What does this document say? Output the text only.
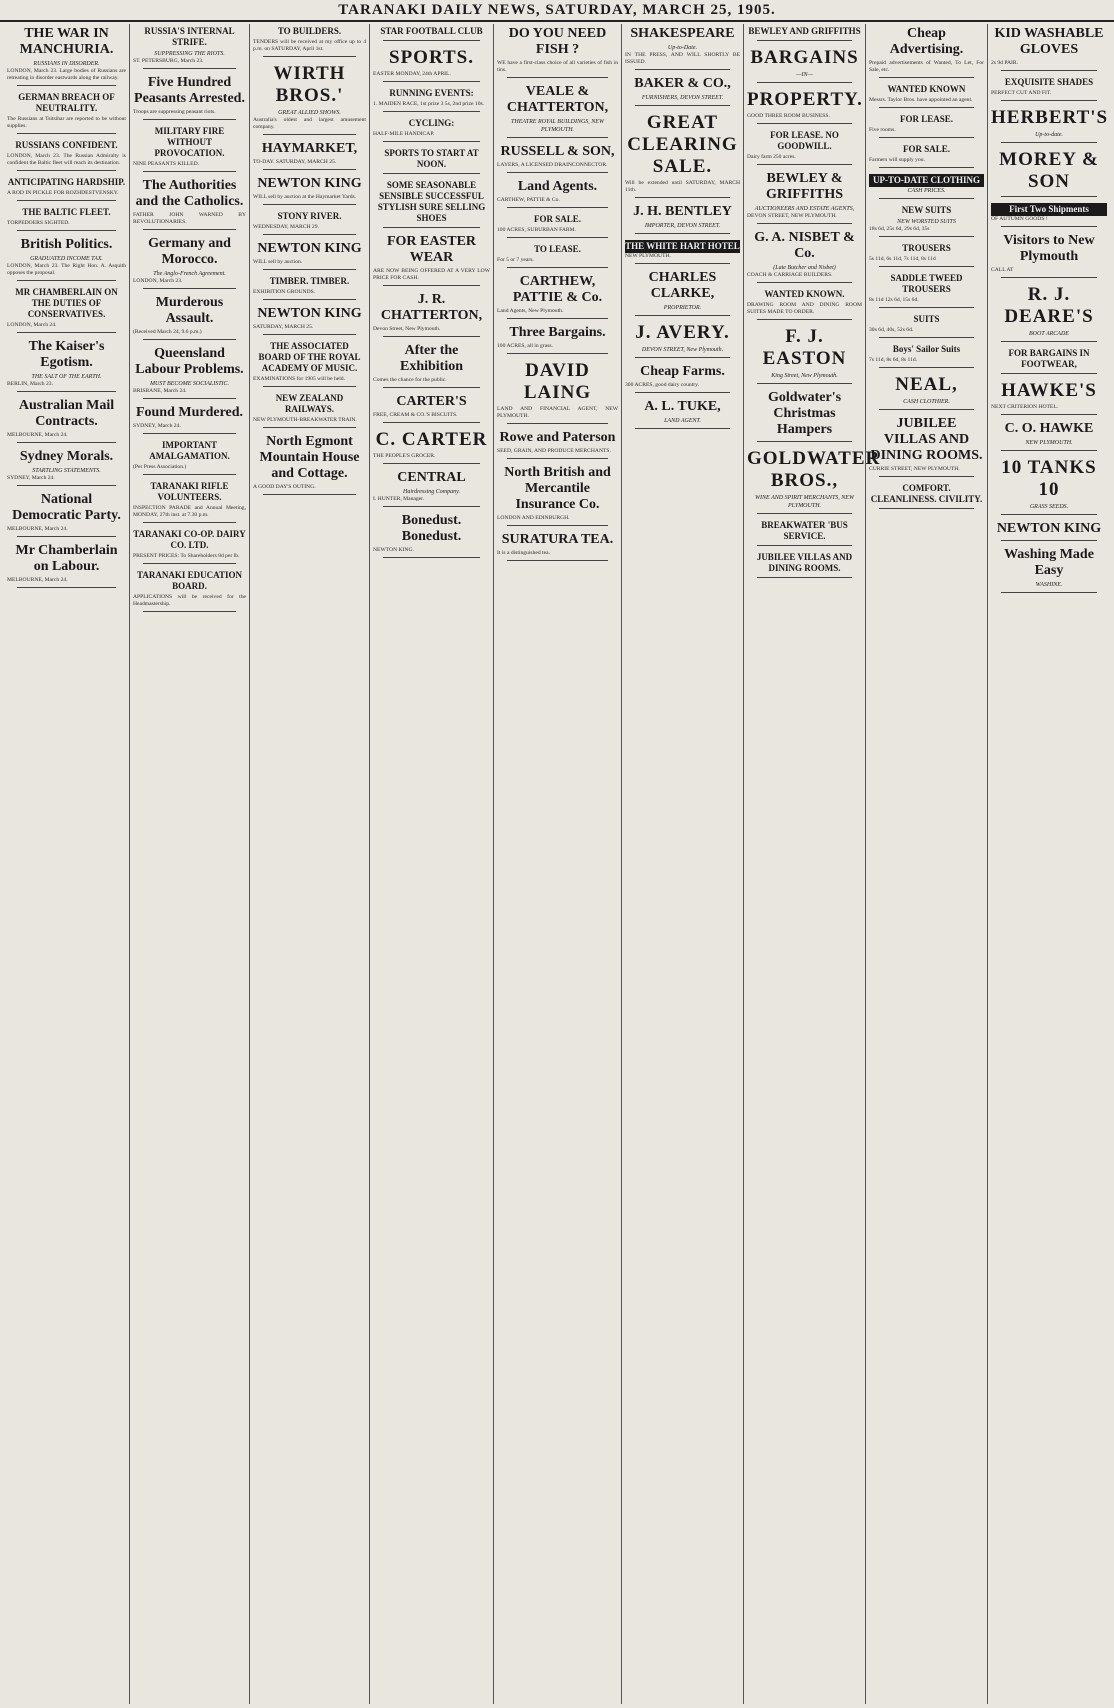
TARANAKI DAILY NEWS, SATURDAY, MARCH 25, 1905.
THE WAR IN MANCHURIA.
RUSSIANS IN DISORDER.
LONDON, March 23. Large bodies of Russians are retreating in disorder eastwards along the railway.
GERMAN BREACH OF NEUTRALITY.
The Russians at Tsitsihar are reported to be without supplies.
RUSSIANS CONFIDENT.
LONDON, March 23. The Russian Admiralty is confident the Baltic fleet will reach its destination.
ANTICIPATING HARDSHIP.
A ROD IN PICKLE FOR ROZHDESTVENSKY.
THE BALTIC FLEET.
TORPEDOERS SIGHTED.
British Politics.
GRADUATED INCOME TAX.
LONDON, March 23. The Right Hon. A. Asquith opposes the proposal.
MR CHAMBERLAIN ON THE DUTIES OF CONSERVATIVES.
LONDON, March 24.
The Kaiser's Egotism.
THE SALT OF THE EARTH.
BERLIN, March 23.
Australian Mail Contracts.
MELBOURNE, March 24.
Sydney Morals.
STARTLING STATEMENTS.
SYDNEY, March 24.
National Democratic Party.
MELBOURNE, March 24.
Mr Chamberlain on Labour.
MELBOURNE, March 24.
RUSSIA'S INTERNAL STRIFE.
SUPPRESSING THE RIOTS.
ST. PETERSBURG, March 23.
Five Hundred Peasants Arrested.
Troops are suppressing peasant riots.
MILITARY FIRE WITHOUT PROVOCATION.
NINE PEASANTS KILLED.
The Authorities and the Catholics.
FATHER JOHN WARNED BY REVOLUTIONARIES.
Germany and Morocco.
The Anglo-French Agreement.
LONDON, March 23.
Murderous Assault.
(Received March 24, 9.6 p.m.)
Queensland Labour Problems.
MUST BECOME SOCIALISTIC.
BRISBANE, March 24.
Found Murdered.
SYDNEY, March 24.
IMPORTANT AMALGAMATION.
(Per Press Association.)
TARANAKI RIFLE VOLUNTEERS.
INSPECTION PARADE and Annual Meeting, MONDAY, 27th inst. at 7.30 p.m.
TARANAKI CO-OP. DAIRY CO. LTD.
PRESENT PRICES: To Shareholders 8d per lb.
TARANAKI EDUCATION BOARD.
APPLICATIONS will be received for the Headmastership.
TO BUILDERS.
TENDERS will be received at my office up to 4 p.m. on SATURDAY, April 1st.
WIRTH BROS.'
GREAT ALLIED SHOWS.
Australia's oldest and largest amusement company.
HAYMARKET,
TO-DAY. SATURDAY, MARCH 25.
NEWTON KING
WILL sell by auction at the Haymarket Yards.
STONY RIVER.
WEDNESDAY, MARCH 29.
NEWTON KING
WILL sell by auction.
TIMBER. TIMBER.
EXHIBITION GROUNDS.
NEWTON KING
SATURDAY, MARCH 25.
THE ASSOCIATED BOARD OF THE ROYAL ACADEMY OF MUSIC.
EXAMINATIONS for 1905 will be held.
NEW ZEALAND RAILWAYS.
NEW PLYMOUTH-BREAKWATER TRAIN.
North Egmont Mountain House and Cottage.
A GOOD DAY'S OUTING.
STAR FOOTBALL CLUB
SPORTS.
EASTER MONDAY, 24th APRIL.
RUNNING EVENTS:
1. MAIDEN RACE, 1st prize 3 5s, 2nd prize 10s.
CYCLING:
HALF-MILE HANDICAP.
SPORTS TO START AT NOON.
SOME SEASONABLE SENSIBLE SUCCESSFUL STYLISH SURE SELLING SHOES
FOR EASTER WEAR
ARE NOW BEING OFFERED AT A VERY LOW PRICE FOR CASH.
J. R. CHATTERTON,
Devon Street, New Plymouth.
After the Exhibition
Comes the chance for the public.
CARTER'S
FREE, CREAM & CO.'S BISCUITS.
C. CARTER
THE PEOPLE'S GROCER.
CENTRAL
Hairdressing Company.
I. HUNTER, Manager.
Bonedust. Bonedust.
NEWTON KING.
DO YOU NEED FISH ?
WE have a first-class choice of all varieties of fish in tins.
VEALE & CHATTERTON,
THEATRE ROYAL BUILDINGS, NEW PLYMOUTH.
RUSSELL & SON,
LAYERS, A LICENSED DRAINCONNECTOR.
Land Agents.
CARTHEW, PATTIE & Co.
FOR SALE.
100 ACRES, SUBURBAN FARM.
TO LEASE.
For 5 or 7 years.
CARTHEW, PATTIE & Co.
Land Agents, New Plymouth.
Three Bargains.
100 ACRES, all in grass.
DAVID LAING
LAND AND FINANCIAL AGENT, NEW PLYMOUTH.
Rowe and Paterson
SEED, GRAIN, AND PRODUCE MERCHANTS.
North British and Mercantile Insurance Co.
LONDON AND EDINBURGH.
SURATURA TEA.
It is a distinguished tea.
SHAKESPEARE
Up-to-Date.
IN THE PRESS, AND WILL SHORTLY BE ISSUED.
BAKER & CO.,
FURNISHERS, DEVON STREET.
GREAT CLEARING SALE.
Will be extended until SATURDAY, MARCH 11th.
J. H. BENTLEY
IMPORTER, DEVON STREET.
THE WHITE HART HOTEL
NEW PLYMOUTH.
CHARLES CLARKE,
PROPRIETOR.
J. AVERY.
DEVON STREET, New Plymouth.
Cheap Farms.
300 ACRES, good dairy country.
A. L. TUKE,
LAND AGENT.
BEWLEY AND GRIFFITHS
BARGAINS
—IN—
PROPERTY.
GOOD THREE ROOM BUSINESS.
FOR LEASE. NO GOODWILL.
Dairy farm 250 acres.
BEWLEY & GRIFFITHS
AUCTIONEERS AND ESTATE AGENTS,
DEVON STREET, NEW PLYMOUTH.
G. A. NISBET & Co.
(Late Butcher and Nisbet)
COACH & CARRIAGE BUILDERS.
WANTED KNOWN.
DRAWING ROOM AND DINING ROOM SUITES MADE TO ORDER.
F. J. EASTON
King Street, New Plymouth.
Goldwater's Christmas Hampers
GOLDWATER BROS.,
WINE AND SPIRIT MERCHANTS, NEW PLYMOUTH.
BREAKWATER 'BUS SERVICE.
JUBILEE VILLAS AND DINING ROOMS.
Cheap Advertising.
Prepaid advertisements of Wanted, To Let, For Sale, etc.
WANTED KNOWN
Messrs. Taylor Bros. have appointed an agent.
FOR LEASE.
Five rooms.
FOR SALE.
Farmers will supply you.
UP-TO-DATE CLOTHING
CASH PRICES.
NEW SUITS
NEW WORSTED SUITS
18s 6d, 25s 6d, 29s 6d, 35s
TROUSERS
5s 11d, 6s 11d, 7s 11d, 8s 11d
SADDLE TWEED TROUSERS
8s 11d 12s 6d, 15s 6d.
SUITS
30s 6d, 40s, 52s 6d.
Boys' Sailor Suits
7s 11d, 8s 6d, 8s 11d.
NEAL,
CASH CLOTHIER.
JUBILEE VILLAS AND DINING ROOMS.
CURRIE STREET, NEW PLYMOUTH.
COMFORT. CLEANLINESS. CIVILITY.
KID WASHABLE GLOVES
2s 9d PAIR.
EXQUISITE SHADES
PERFECT CUT AND FIT.
HERBERT'S
Up-to-date.
MOREY & SON
First Two Shipments
OF AUTUMN GOODS !
Visitors to New Plymouth
CALL AT
R. J. DEARE'S
BOOT ARCADE
FOR BARGAINS IN FOOTWEAR,
HAWKE'S
NEXT CRITERION HOTEL.
C. O. HAWKE
NEW PLYMOUTH.
10 TANKS 10
GRASS SEEDS.
NEWTON KING
Washing Made Easy
WASHINE.
